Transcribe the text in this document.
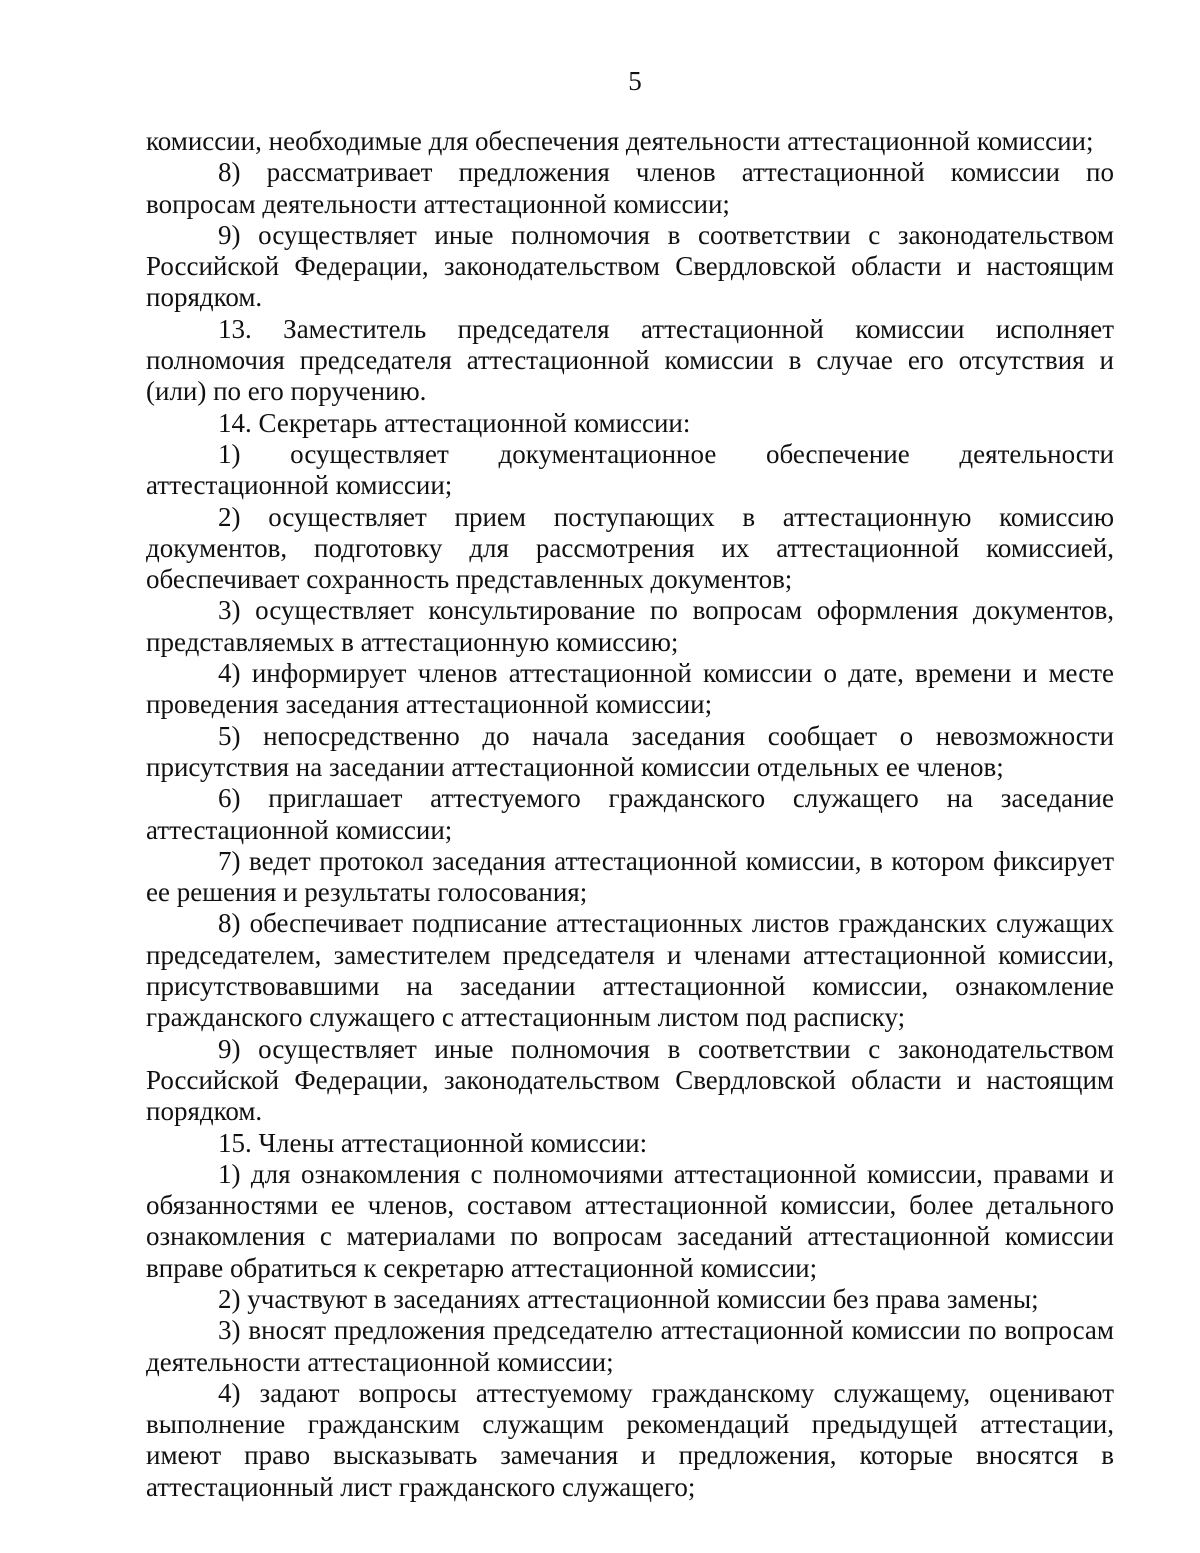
5

комиссии, необходимые для обеспечения деятельности аттестационной комиссии;

8) рассматривает предложения членов аттестационной комиссии по вопросам деятельности аттестационной комиссии;

9) осуществляет иные полномочия в соответствии с законодательством Российской Федерации, законодательством Свердловской области и настоящим порядком.

13. Заместитель председателя аттестационной комиссии исполняет полномочия председателя аттестационной комиссии в случае его отсутствия и (или) по его поручению.

14. Секретарь аттестационной комиссии:

1) осуществляет документационное обеспечение деятельности аттестационной комиссии;

2) осуществляет прием поступающих в аттестационную комиссию документов, подготовку для рассмотрения их аттестационной комиссией, обеспечивает сохранность представленных документов;

3) осуществляет консультирование по вопросам оформления документов, представляемых в аттестационную комиссию;

4) информирует членов аттестационной комиссии о дате, времени и месте проведения заседания аттестационной комиссии;

5) непосредственно до начала заседания сообщает о невозможности присутствия на заседании аттестационной комиссии отдельных ее членов;

6) приглашает аттестуемого гражданского служащего на заседание аттестационной комиссии;

7) ведет протокол заседания аттестационной комиссии, в котором фиксирует ее решения и результаты голосования;

8) обеспечивает подписание аттестационных листов гражданских служащих председателем, заместителем председателя и членами аттестационной комиссии, присутствовавшими на заседании аттестационной комиссии, ознакомление гражданского служащего с аттестационным листом под расписку;

9) осуществляет иные полномочия в соответствии с законодательством Российской Федерации, законодательством Свердловской области и настоящим порядком.

15. Члены аттестационной комиссии:

1) для ознакомления с полномочиями аттестационной комиссии, правами и обязанностями ее членов, составом аттестационной комиссии, более детального ознакомления с материалами по вопросам заседаний аттестационной комиссии вправе обратиться к секретарю аттестационной комиссии;

2) участвуют в заседаниях аттестационной комиссии без права замены;

3) вносят предложения председателю аттестационной комиссии по вопросам деятельности аттестационной комиссии;

4) задают вопросы аттестуемому гражданскому служащему, оценивают выполнение гражданским служащим рекомендаций предыдущей аттестации, имеют право высказывать замечания и предложения, которые вносятся в аттестационный лист гражданского служащего;
